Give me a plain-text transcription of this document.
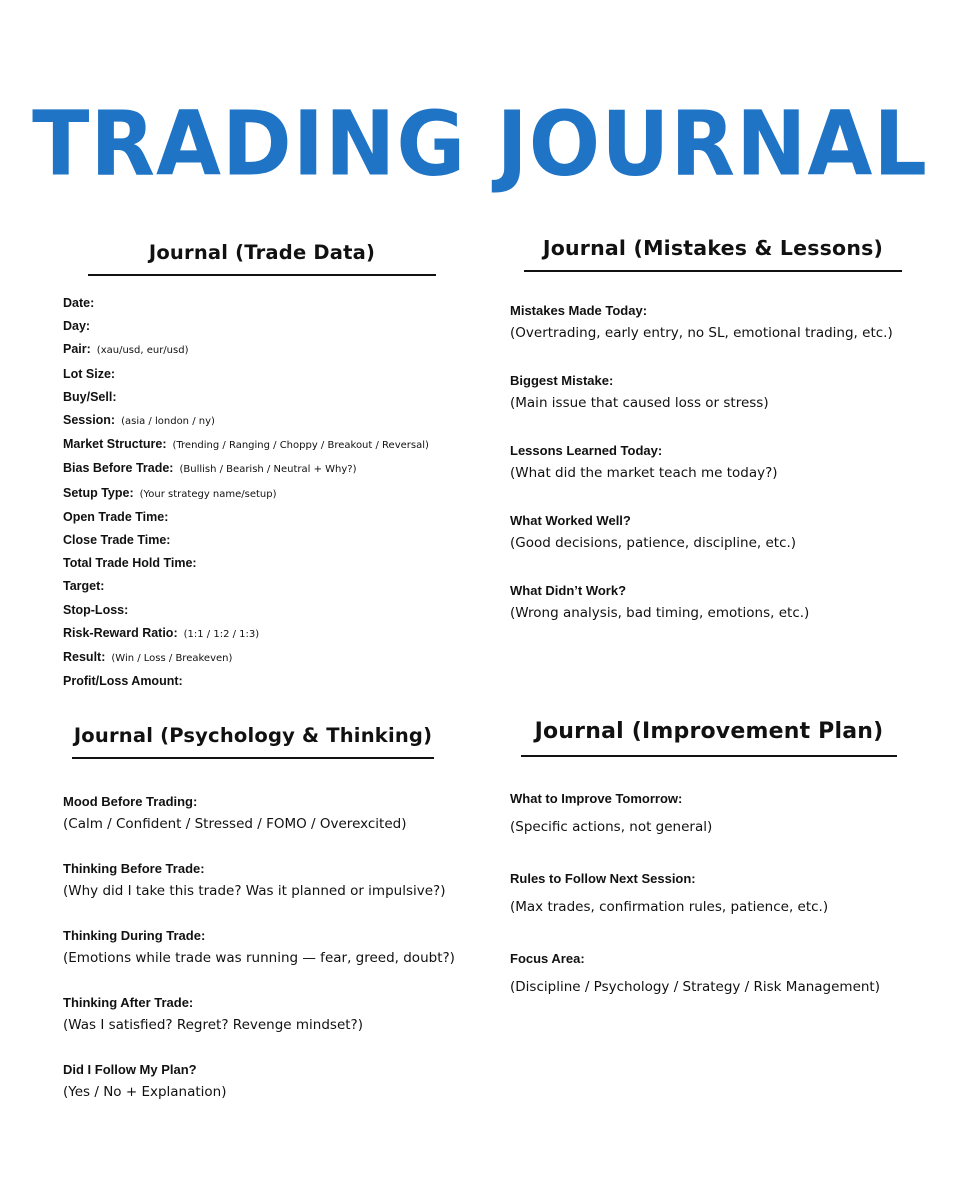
TRADING JOURNAL
Journal (Trade Data)
Date:
Day:
Pair: (xau/usd, eur/usd)
Lot Size:
Buy/Sell:
Session: (asia / london / ny)
Market Structure: (Trending / Ranging / Choppy / Breakout / Reversal)
Bias Before Trade: (Bullish / Bearish / Neutral + Why?)
Setup Type: (Your strategy name/setup)
Open Trade Time:
Close Trade Time:
Total Trade Hold Time:
Target:
Stop-Loss:
Risk-Reward Ratio: (1:1 / 1:2 / 1:3)
Result: (Win / Loss / Breakeven)
Profit/Loss Amount:
Journal (Mistakes & Lessons)
Mistakes Made Today:
(Overtrading, early entry, no SL, emotional trading, etc.)
Biggest Mistake:
(Main issue that caused loss or stress)
Lessons Learned Today:
(What did the market teach me today?)
What Worked Well?
(Good decisions, patience, discipline, etc.)
What Didn’t Work?
(Wrong analysis, bad timing, emotions, etc.)
Journal (Psychology & Thinking)
Mood Before Trading:
(Calm / Confident / Stressed / FOMO / Overexcited)
Thinking Before Trade:
(Why did I take this trade? Was it planned or impulsive?)
Thinking During Trade:
(Emotions while trade was running — fear, greed, doubt?)
Thinking After Trade:
(Was I satisfied? Regret? Revenge mindset?)
Did I Follow My Plan?
(Yes / No + Explanation)
Journal (Improvement Plan)
What to Improve Tomorrow:
(Specific actions, not general)
Rules to Follow Next Session:
(Max trades, confirmation rules, patience, etc.)
Focus Area:
(Discipline / Psychology / Strategy / Risk Management)
